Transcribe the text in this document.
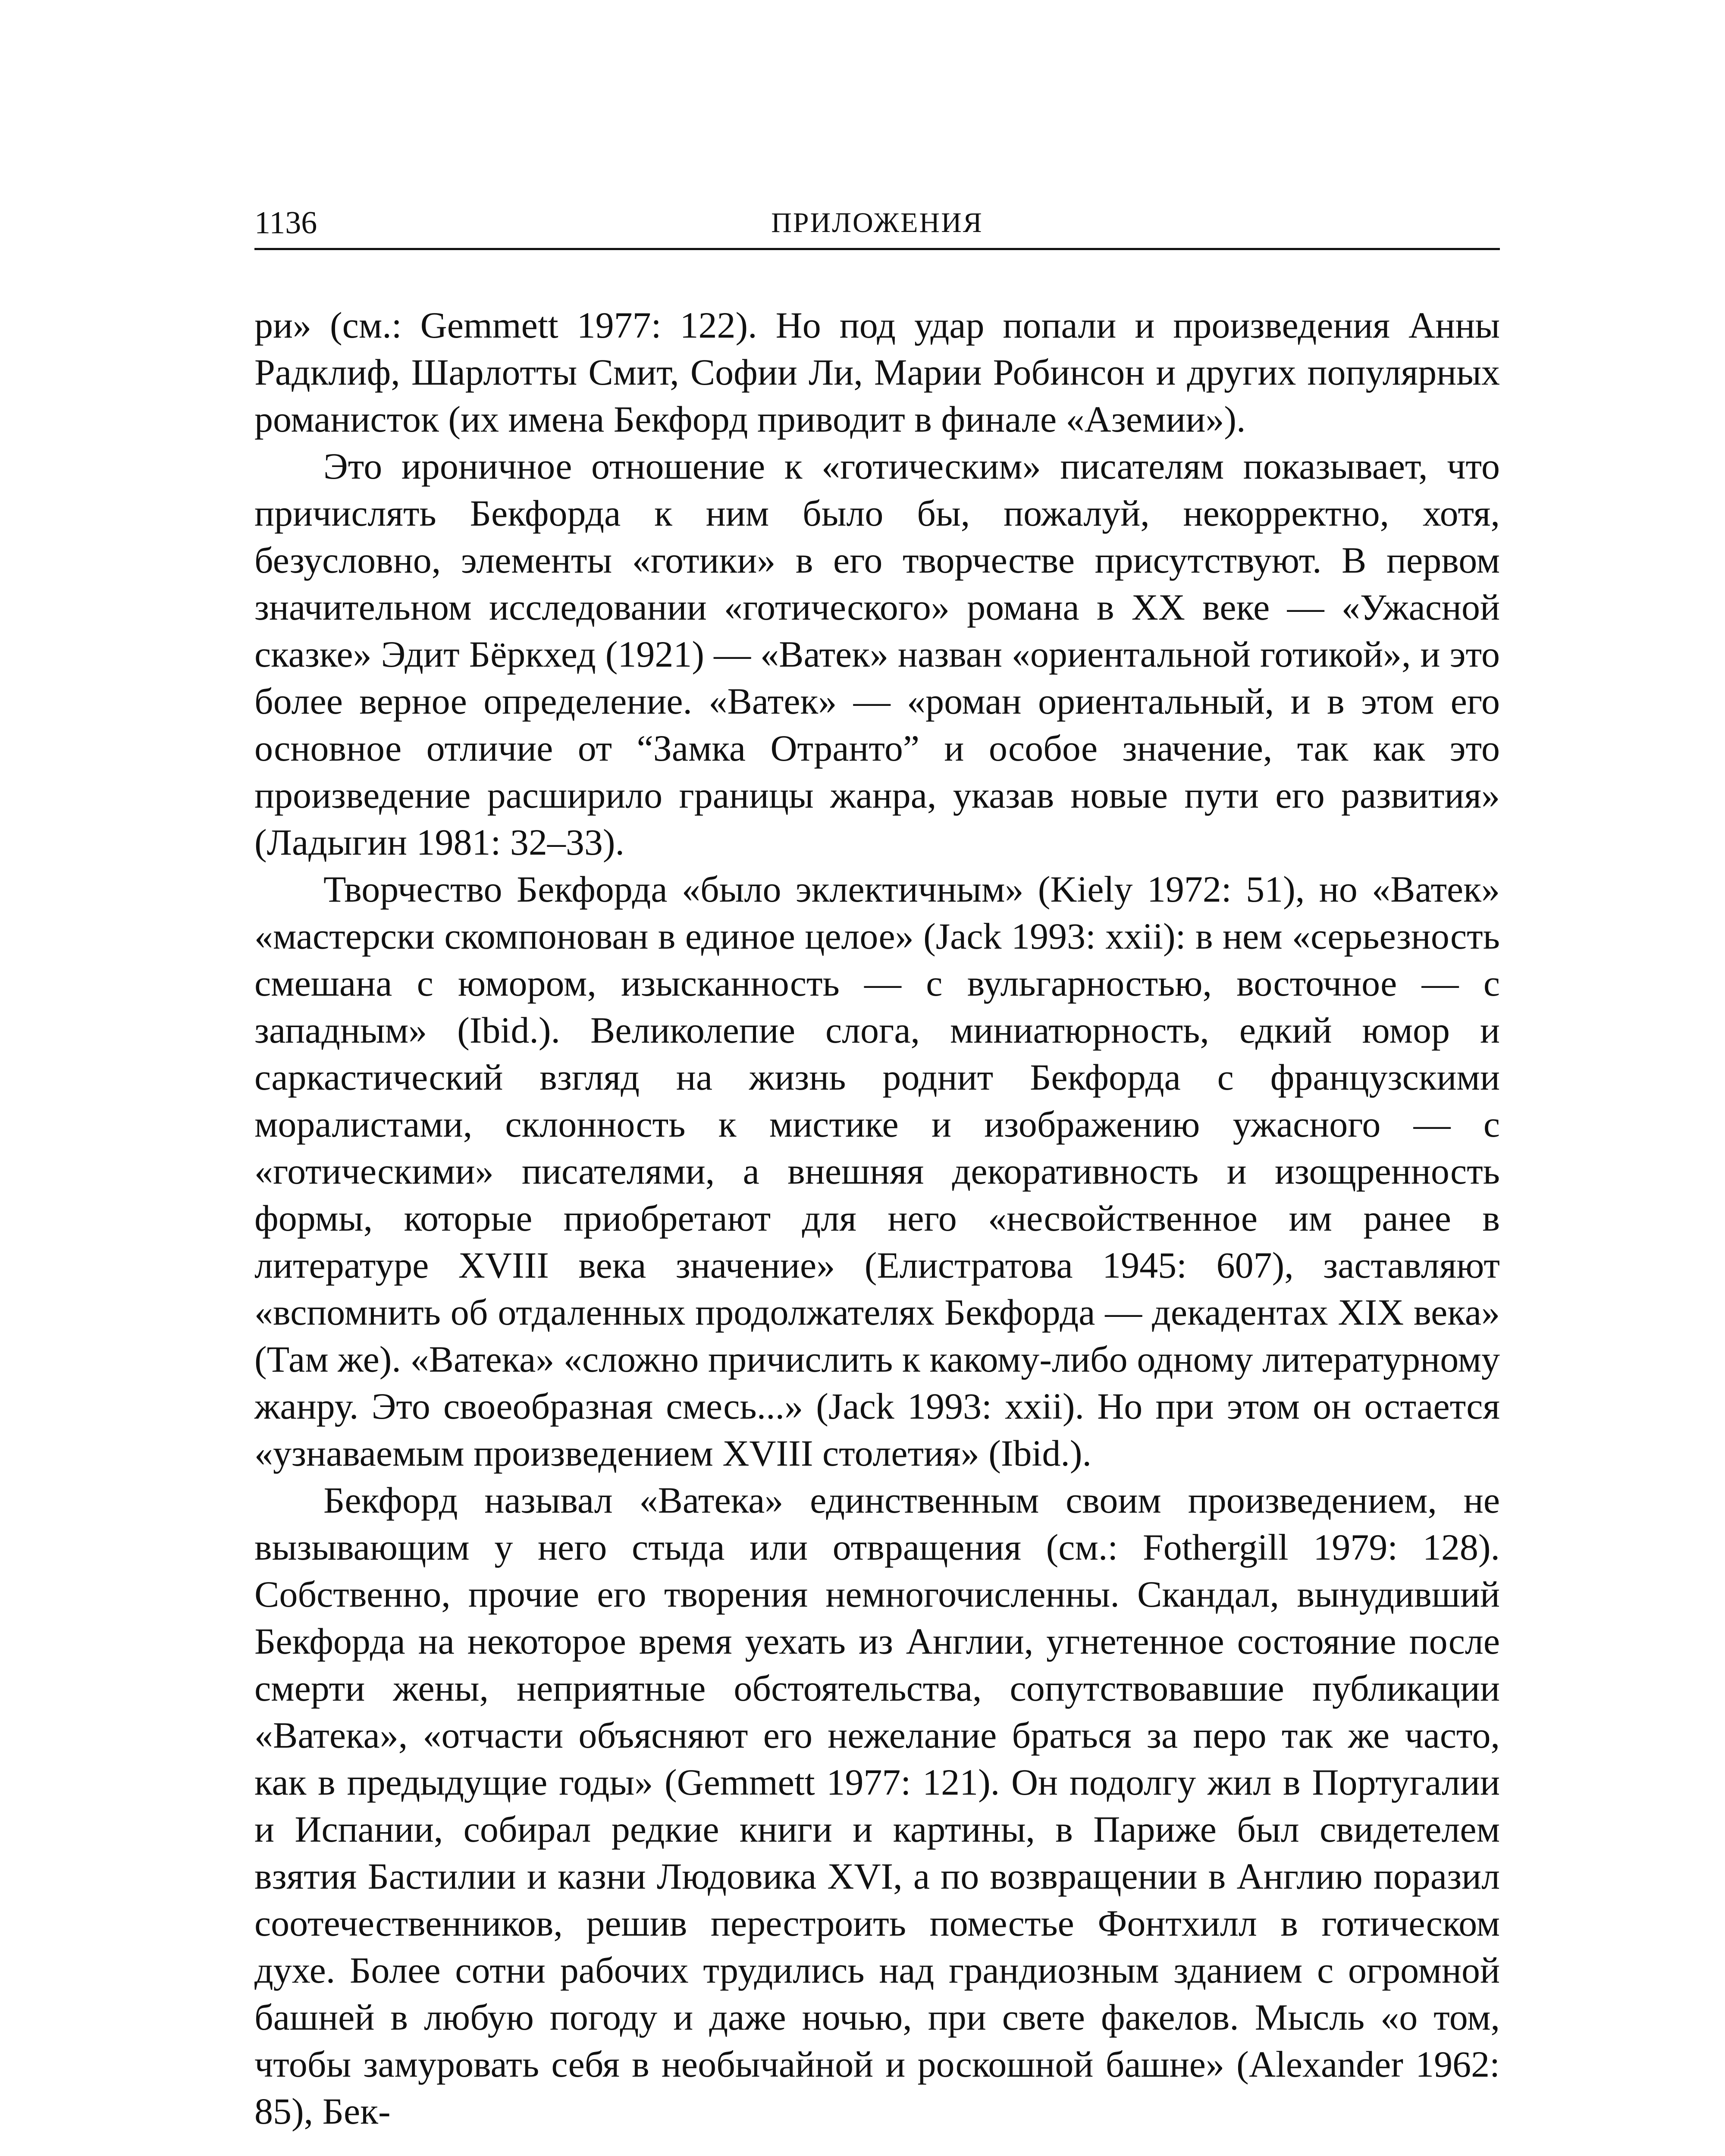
1136	ПРИЛОЖЕНИЯ

ри» (см.: Gemmett 1977: 122). Но под удар попали и произведения Анны Радклиф, Шарлотты Смит, Софии Ли, Марии Робинсон и других популярных романисток (их имена Бекфорд приводит в финале «Аземии»).

Это ироничное отношение к «готическим» писателям показывает, что причислять Бекфорда к ним было бы, пожалуй, некорректно, хотя, безусловно, элементы «готики» в его творчестве присутствуют. В первом значительном исследовании «готического» романа в XX веке — «Ужасной сказке» Эдит Бёркхед (1921) — «Ватек» назван «ориентальной готикой», и это более верное определение. «Ватек» — «роман ориентальный, и в этом его основное отличие от “Замка Отранто” и особое значение, так как это произведение расширило границы жанра, указав новые пути его развития» (Ладыгин 1981: 32–33).

Творчество Бекфорда «было эклектичным» (Kiely 1972: 51), но «Ватек» «мастерски скомпонован в единое целое» (Jack 1993: xxii): в нем «серьезность смешана с юмором, изысканность — с вульгарностью, восточное — с западным» (Ibid.). Великолепие слога, миниатюрность, едкий юмор и саркастический взгляд на жизнь роднит Бекфорда с французскими моралистами, склонность к мистике и изображению ужасного — с «готическими» писателями, а внешняя декоративность и изощренность формы, которые приобретают для него «несвойственное им ранее в литературе XVIII века значение» (Елистратова 1945: 607), заставляют «вспомнить об отдаленных продолжателях Бекфорда — декадентах XIX века» (Там же). «Ватека» «сложно причислить к какому-либо одному литературному жанру. Это своеобразная смесь...» (Jack 1993: xxii). Но при этом он остается «узнаваемым произведением XVIII столетия» (Ibid.).

Бекфорд называл «Ватека» единственным своим произведением, не вызывающим у него стыда или отвращения (см.: Fothergill 1979: 128). Собственно, прочие его творения немногочисленны. Скандал, вынудивший Бекфорда на некоторое время уехать из Англии, угнетенное состояние после смерти жены, неприятные обстоятельства, сопутствовавшие публикации «Ватека», «отчасти объясняют его нежелание браться за перо так же часто, как в предыдущие годы» (Gemmett 1977: 121). Он подолгу жил в Португалии и Испании, собирал редкие книги и картины, в Париже был свидетелем взятия Бастилии и казни Людовика XVI, а по возвращении в Англию поразил соотечественников, решив перестроить поместье Фонтхилл в готическом духе. Более сотни рабочих трудились над грандиозным зданием с огромной башней в любую погоду и даже ночью, при свете факелов. Мысль «о том, чтобы замуровать себя в необычайной и роскошной башне» (Alexander 1962: 85), Бек-
